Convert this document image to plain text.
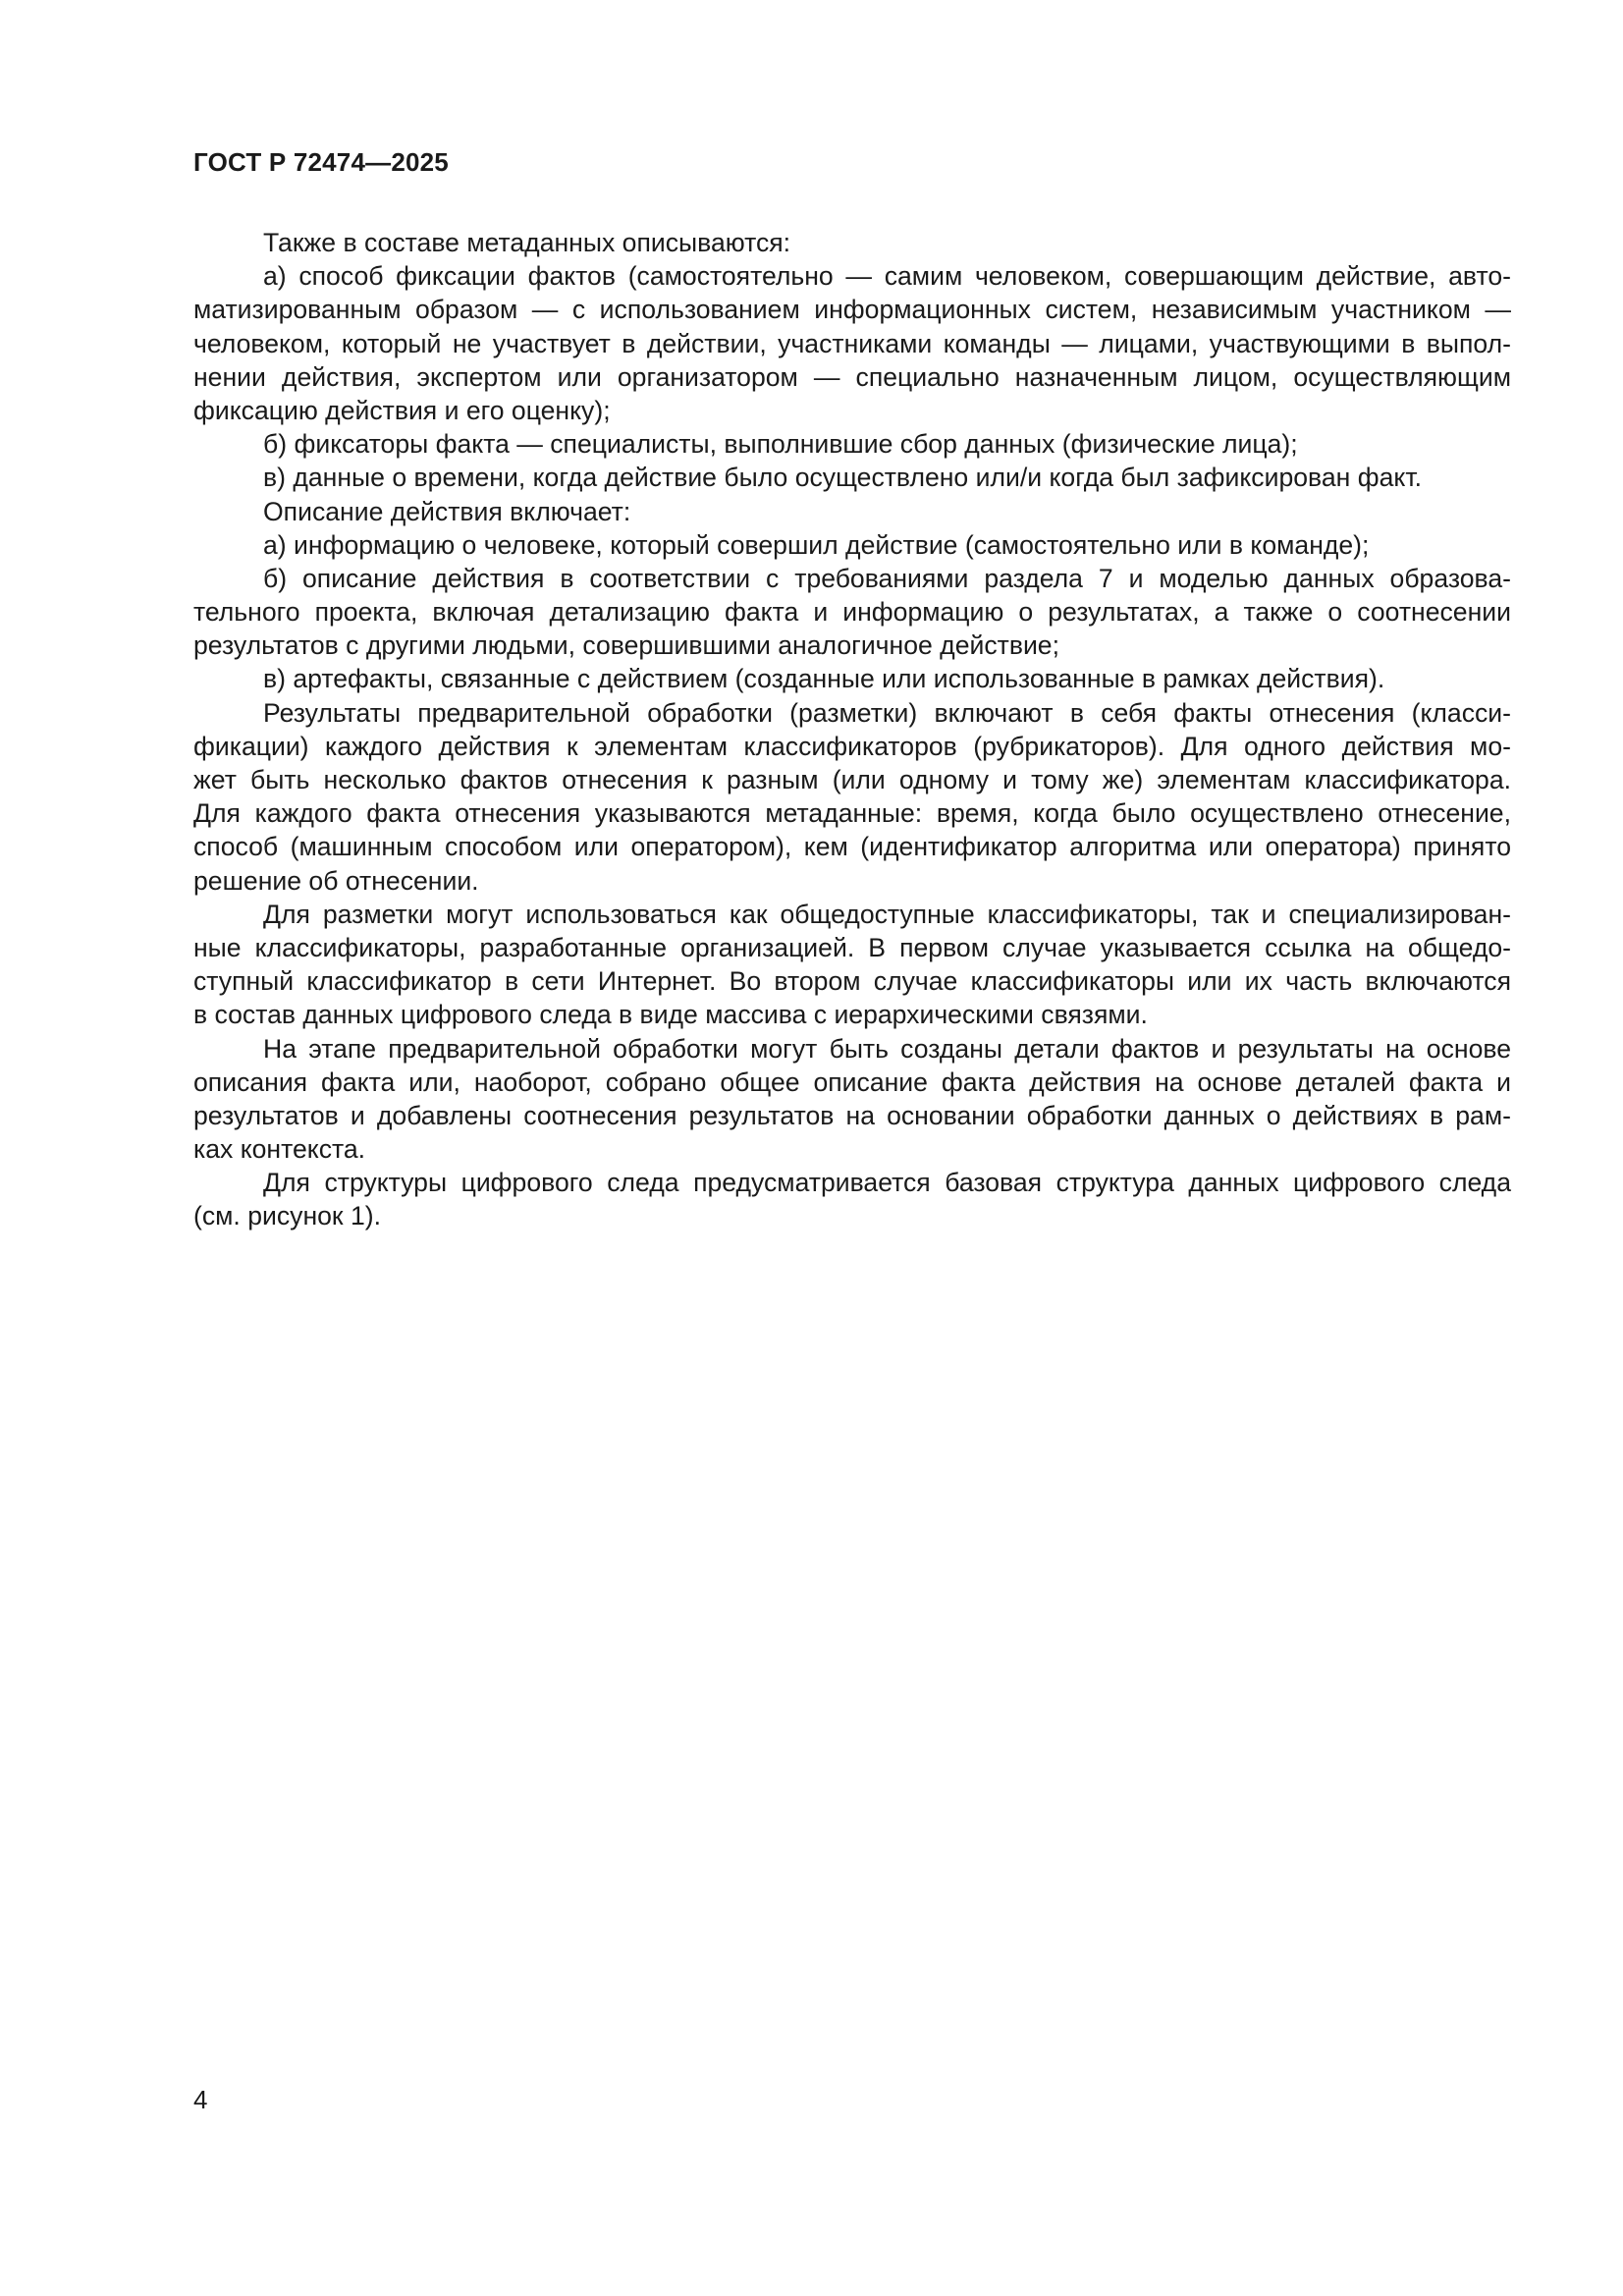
ГОСТ Р 72474—2025
Также в составе метаданных описываются:
а) способ фиксации фактов (самостоятельно — самим человеком, совершающим действие, авто-
матизированным образом — с использованием информационных систем, независимым участником —
человеком, который не участвует в действии, участниками команды — лицами, участвующими в выпол-
нении действия, экспертом или организатором — специально назначенным лицом, осуществляющим
фиксацию действия и его оценку);
б) фиксаторы факта — специалисты, выполнившие сбор данных (физические лица);
в) данные о времени, когда действие было осуществлено или/и когда был зафиксирован факт.
Описание действия включает:
а) информацию о человеке, который совершил действие (самостоятельно или в команде);
б) описание действия в соответствии с требованиями раздела 7 и моделью данных образова-
тельного проекта, включая детализацию факта и информацию о результатах, а также о соотнесении
результатов с другими людьми, совершившими аналогичное действие;
в) артефакты, связанные с действием (созданные или использованные в рамках действия).
Результаты предварительной обработки (разметки) включают в себя факты отнесения (класси-
фикации) каждого действия к элементам классификаторов (рубрикаторов). Для одного действия мо-
жет быть несколько фактов отнесения к разным (или одному и тому же) элементам классификатора.
Для каждого факта отнесения указываются метаданные: время, когда было осуществлено отнесение,
способ (машинным способом или оператором), кем (идентификатор алгоритма или оператора) принято
решение об отнесении.
Для разметки могут использоваться как общедоступные классификаторы, так и специализирован-
ные классификаторы, разработанные организацией. В первом случае указывается ссылка на общедо-
ступный классификатор в сети Интернет. Во втором случае классификаторы или их часть включаются
в состав данных цифрового следа в виде массива с иерархическими связями.
На этапе предварительной обработки могут быть созданы детали фактов и результаты на основе
описания факта или, наоборот, собрано общее описание факта действия на основе деталей факта и
результатов и добавлены соотнесения результатов на основании обработки данных о действиях в рам-
ках контекста.
Для структуры цифрового следа предусматривается базовая структура данных цифрового следа
(см. рисунок 1).
4
